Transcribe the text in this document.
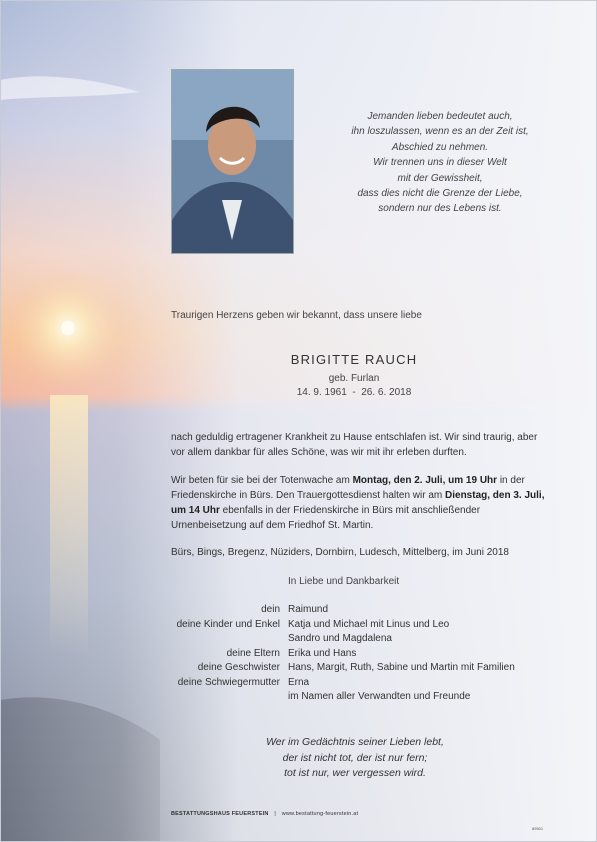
Jemanden lieben bedeutet auch,
ihn loszulassen, wenn es an der Zeit ist,
Abschied zu nehmen.
Wir trennen uns in dieser Welt
mit der Gewissheit,
dass dies nicht die Grenze der Liebe,
sondern nur des Lebens ist.
Traurigen Herzens geben wir bekannt, dass unsere liebe
BRIGITTE RAUCH
geb. Furlan
14. 9. 1961  -  26. 6. 2018
nach geduldig ertragener Krankheit zu Hause entschlafen ist. Wir sind traurig, aber vor allem dankbar für alles Schöne, was wir mit ihr erleben durften.
Wir beten für sie bei der Totenwache am Montag, den 2. Juli, um 19 Uhr in der Friedenskirche in Bürs. Den Trauergottesdienst halten wir am Dienstag, den 3. Juli, um 14 Uhr ebenfalls in der Friedenskirche in Bürs mit anschließender Urnenbeisetzung auf dem Friedhof St. Martin.
Bürs, Bings, Bregenz, Nüziders, Dornbirn, Ludesch, Mittelberg, im Juni 2018
In Liebe und Dankbarkeit
dein Raimund
deine Kinder und Enkel Katja und Michael mit Linus und Leo
Sandro und Magdalena
deine Eltern Erika und Hans
deine Geschwister Hans, Margit, Ruth, Sabine und Martin mit Familien
deine Schwiegermutter Erna
im Namen aller Verwandten und Freunde
Wer im Gedächtnis seiner Lieben lebt,
der ist nicht tot, der ist nur fern;
tot ist nur, wer vergessen wird.
BESTATTUNGSHAUS FEUERSTEIN | www.bestattung-feuerstein.at
89501
